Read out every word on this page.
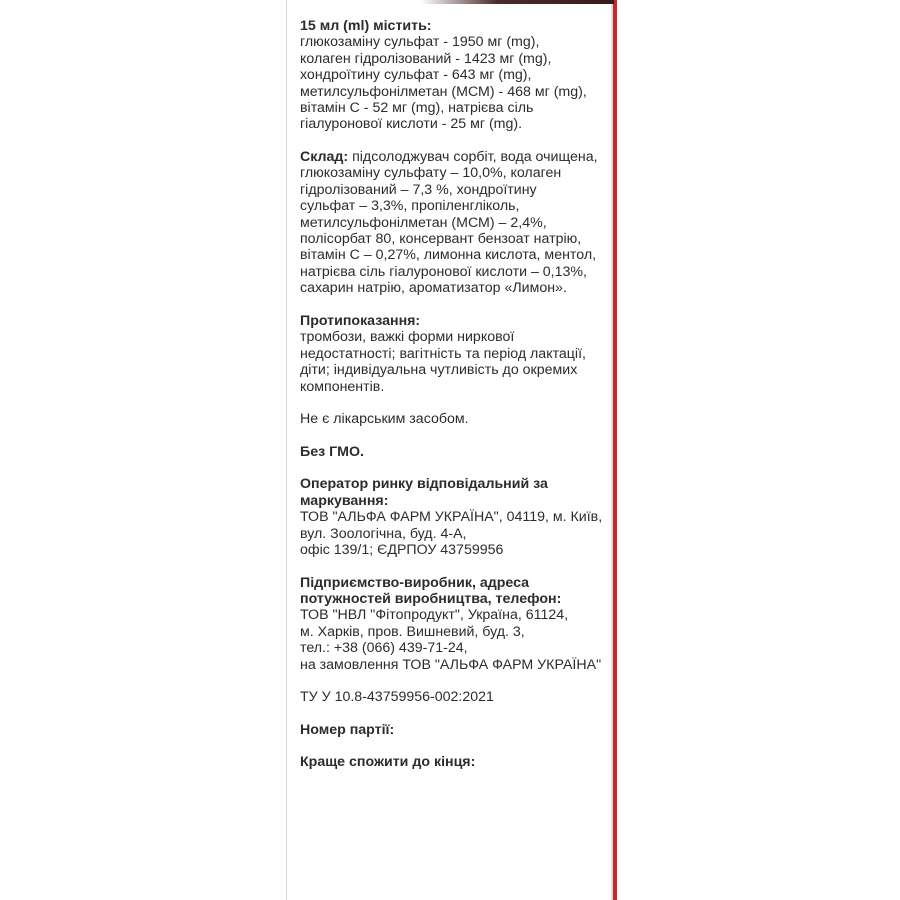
15 мл (ml) містить:
глюкозаміну сульфат - 1950 мг (mg),
колаген гідролізований - 1423 мг (mg),
хондроїтину сульфат - 643 мг (mg),
метилсульфонілметан (МСМ) - 468 мг (mg),
вітамін С - 52 мг (mg), натрієва сіль
гіалуронової кислоти - 25 мг (mg).
Склад: підсолоджувач сорбіт, вода очищена,
глюкозаміну сульфату – 10,0%, колаген
гідролізований – 7,3 %, хондроїтину
сульфат – 3,3%, пропіленгліколь,
метилсульфонілметан (МСМ) – 2,4%,
полісорбат 80, консервант бензоат натрію,
вітамін С – 0,27%, лимонна кислота, ментол,
натрієва сіль гіалуронової кислоти – 0,13%,
сахарин натрію, ароматизатор «Лимон».
Протипоказання:
тромбози, важкі форми ниркової
недостатності; вагітність та період лактації,
діти; індивідуальна чутливість до окремих
компонентів.
Не є лікарським засобом.
Без ГМО.
Оператор ринку відповідальний за
маркування:
ТОВ "АЛЬФА ФАРМ УКРАЇНА", 04119, м. Київ,
вул. Зоологічна, буд. 4-А,
офіс 139/1; ЄДРПОУ 43759956
Підприємство-виробник, адреса
потужностей виробництва, телефон:
ТОВ "НВЛ "Фітопродукт", Україна, 61124,
м. Харків, пров. Вишневий, буд. 3,
тел.: +38 (066) 439-71-24,
на замовлення ТОВ "АЛЬФА ФАРМ УКРАЇНА"
ТУ У 10.8-43759956-002:2021
Номер партії:
Краще спожити до кінця:
